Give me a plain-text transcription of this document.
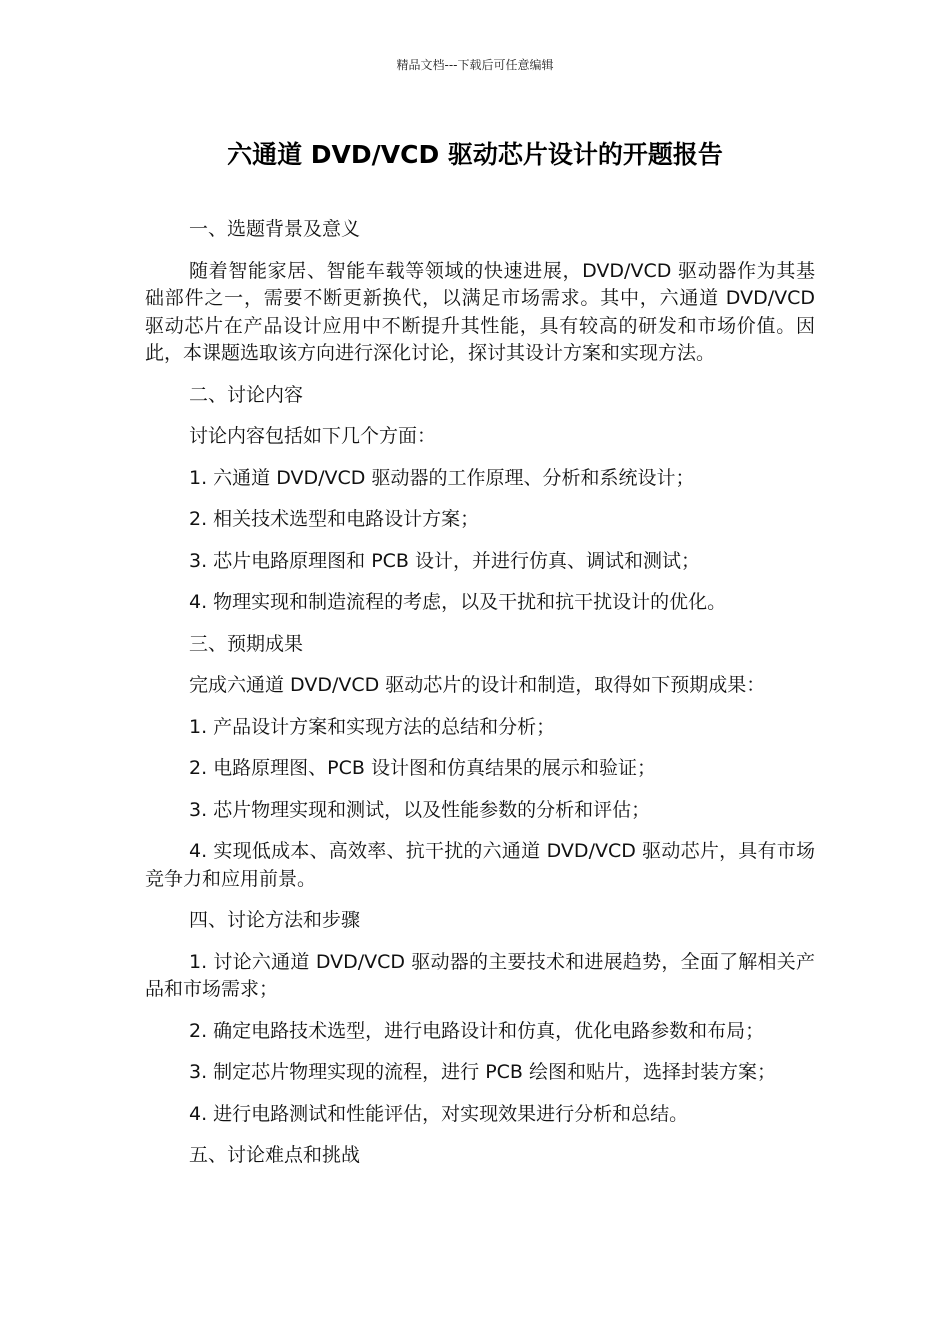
精品文档---下载后可任意编辑
六通道 DVD/VCD 驱动芯片设计的开题报告

一、选题背景及意义

随着智能家居、智能车载等领域的快速进展，DVD/VCD 驱动器作为其基础部件之一，需要不断更新换代，以满足市场需求。其中，六通道 DVD/VCD 驱动芯片在产品设计应用中不断提升其性能，具有较高的研发和市场价值。因此，本课题选取该方向进行深化讨论，探讨其设计方案和实现方法。

二、讨论内容

讨论内容包括如下几个方面：

1. 六通道 DVD/VCD 驱动器的工作原理、分析和系统设计；

2. 相关技术选型和电路设计方案；

3. 芯片电路原理图和 PCB 设计，并进行仿真、调试和测试；

4. 物理实现和制造流程的考虑，以及干扰和抗干扰设计的优化。

三、预期成果

完成六通道 DVD/VCD 驱动芯片的设计和制造，取得如下预期成果：

1. 产品设计方案和实现方法的总结和分析；

2. 电路原理图、PCB 设计图和仿真结果的展示和验证；

3. 芯片物理实现和测试，以及性能参数的分析和评估；

4. 实现低成本、高效率、抗干扰的六通道 DVD/VCD 驱动芯片，具有市场竞争力和应用前景。

四、讨论方法和步骤

1. 讨论六通道 DVD/VCD 驱动器的主要技术和进展趋势，全面了解相关产品和市场需求；

2. 确定电路技术选型，进行电路设计和仿真，优化电路参数和布局；

3. 制定芯片物理实现的流程，进行 PCB 绘图和贴片，选择封装方案；

4. 进行电路测试和性能评估，对实现效果进行分析和总结。

五、讨论难点和挑战
